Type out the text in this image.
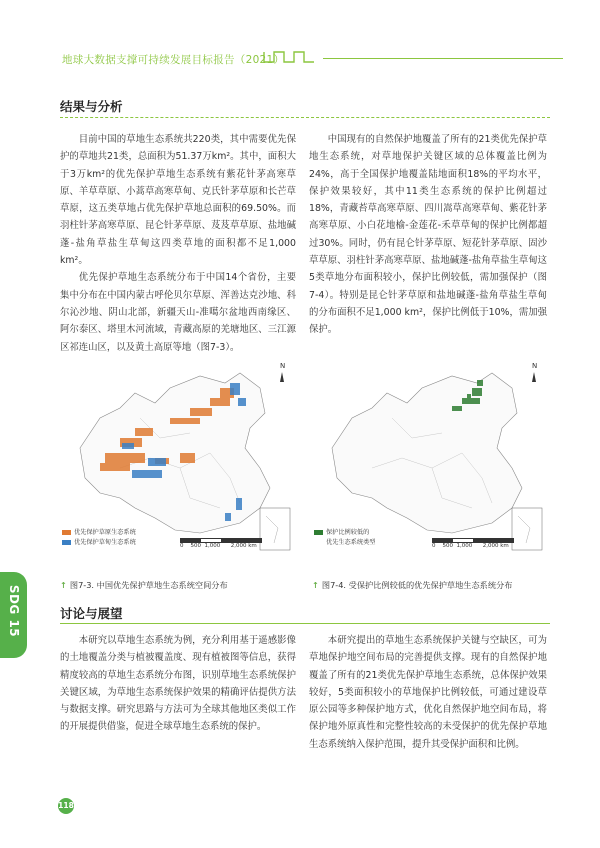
地球大数据支撑可持续发展目标报告（2021）
结果与分析

目前中国的草地生态系统共220类，其中需要优先保护的草地共21类，总面积为51.37万km²。其中，面积大于3万km²的优先保护草地生态系统有紫花针茅高寒草原、羊草草原、小蒿草高寒草甸、克氏针茅草原和长芒草草原，这五类草地占优先保护草地总面积的69.50%。而羽柱针茅高寒草原、昆仑针茅草原、芨芨草草原、盐地碱蓬-盐角草盐生草甸这四类草地的面积都不足1,000 km²。

优先保护草地生态系统分布于中国14个省份，主要集中分布在中国内蒙古呼伦贝尔草原、浑善达克沙地、科尔沁沙地、阴山北部，新疆天山-准噶尔盆地西南缘区、阿尔泰区、塔里木河流域，青藏高原的羌塘地区、三江源区祁连山区，以及黄土高原等地（图7-3）。

中国现有的自然保护地覆盖了所有的21类优先保护草地生态系统，对草地保护关键区域的总体覆盖比例为24%，高于全国保护地覆盖陆地面积18%的平均水平，保护效果较好，其中11类生态系统的保护比例超过18%，青藏苔草高寒草原、四川嵩草高寒草甸、紫花针茅高寒草原、小白花地榆-金莲花-禾草草甸的保护比例都超过30%。同时，仍有昆仑针茅草原、短花针茅草原、固沙草草原、羽柱针茅高寒草原、盐地碱蓬-盐角草盐生草甸这5类草地分布面积较小，保护比例较低，需加强保护（图7-4）。特别是昆仑针茅草原和盐地碱蓬-盐角草盐生草甸的分布面积不足1,000 km²，保护比例低于10%，需加强保护。

N
优先保护草原生态系统
优先保护草甸生态系统	0 500 1,000 2,000 km
↑ 图7-3. 中国优先保护草地生态系统空间分布
N
保护比例较低的
优先生态系统类型	0 500 1,000 2,000 km
↑ 图7-4. 受保护比例较低的优先保护草地生态系统分布
SDG 15	讨论与展望

本研究以草地生态系统为例，充分利用基于遥感影像的土地覆盖分类与植被覆盖度、现有植被图等信息，获得精度较高的草地生态系统分布图，识别草地生态系统保护关键区域，为草地生态系统保护效果的精确评估提供方法与数据支撑。研究思路与方法可为全球其他地区类似工作的开展提供借鉴，促进全球草地生态系统的保护。

本研究提出的草地生态系统保护关键与空缺区，可为草地保护地空间布局的完善提供支撑。现有的自然保护地覆盖了所有的21类优先保护草地生态系统，总体保护效果较好，5类面积较小的草地保护比例较低，可通过建设草原公园等多种保护地方式，优化自然保护地空间布局，将保护地外原真性和完整性较高的未受保护的优先保护草地生态系统纳入保护范围，提升其受保护面积和比例。

118
